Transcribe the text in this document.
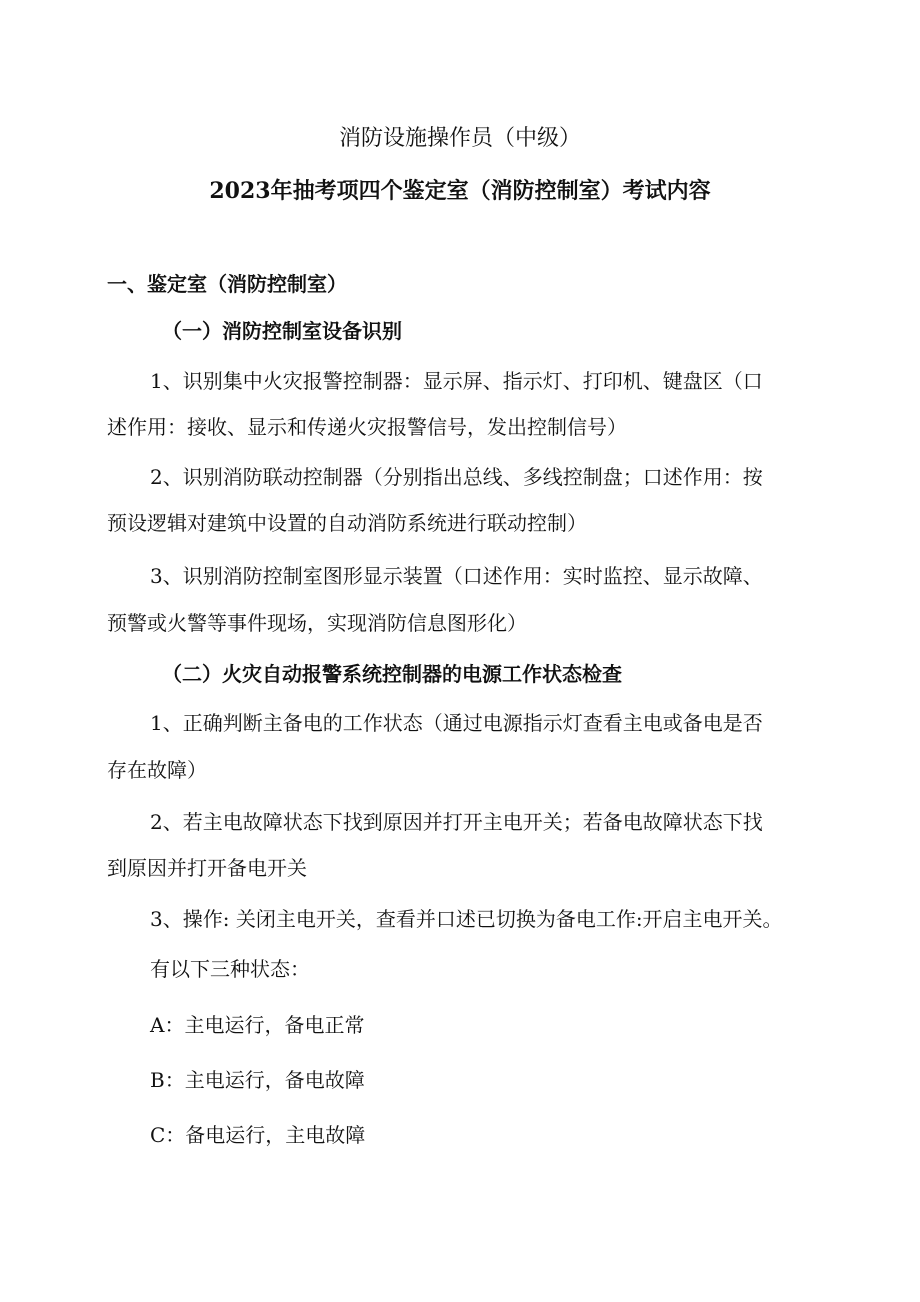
消防设施操作员（中级）
2023年抽考项四个鉴定室（消防控制室）考试内容
一、鉴定室（消防控制室）
（一）消防控制室设备识别
1、识别集中火灾报警控制器：显示屏、指示灯、打印机、键盘区（口
述作用：接收、显示和传递火灾报警信号，发出控制信号）
2、识别消防联动控制器（分别指出总线、多线控制盘；口述作用：按
预设逻辑对建筑中设置的自动消防系统进行联动控制）
3、识别消防控制室图形显示装置（口述作用：实时监控、显示故障、
预警或火警等事件现场，实现消防信息图形化）
（二）火灾自动报警系统控制器的电源工作状态检查
1、正确判断主备电的工作状态（通过电源指示灯查看主电或备电是否
存在故障）
2、若主电故障状态下找到原因并打开主电开关；若备电故障状态下找
到原因并打开备电开关
3、操作: 关闭主电开关，查看并口述已切换为备电工作:开启主电开关。
有以下三种状态：
A：主电运行，备电正常
B：主电运行，备电故障
C：备电运行，主电故障
